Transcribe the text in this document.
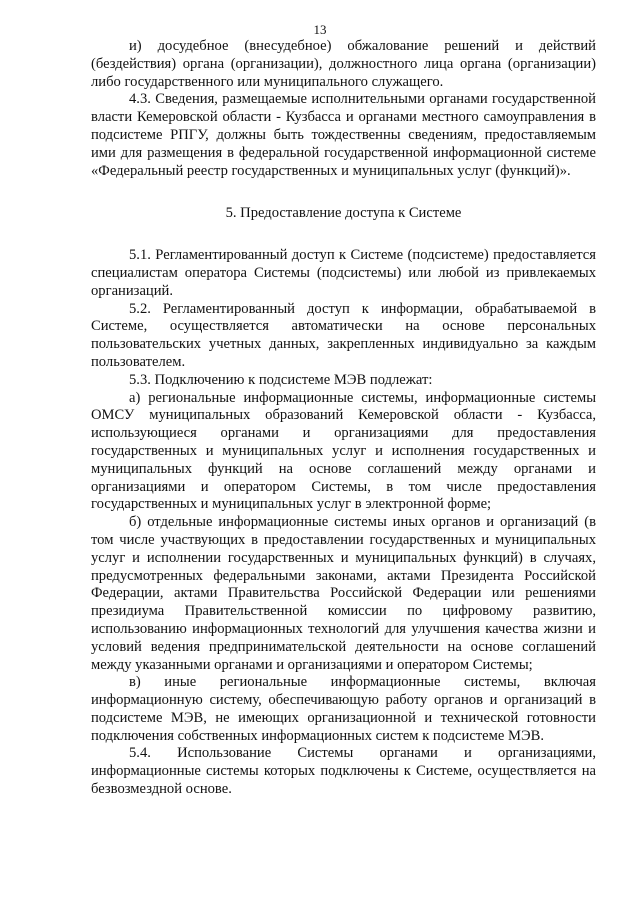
13

и) досудебное (внесудебное) обжалование решений и действий (бездействия) органа (организации), должностного лица органа (организации) либо государственного или муниципального служащего.

4.3. Сведения, размещаемые исполнительными органами государственной власти Кемеровской области - Кузбасса и органами местного самоуправления в подсистеме РПГУ, должны быть тождественны сведениям, предоставляемым ими для размещения в федеральной государственной информационной системе «Федеральный реестр государственных и муниципальных услуг (функций)».

5. Предоставление доступа к Системе

5.1. Регламентированный доступ к Системе (подсистеме) предоставляется специалистам оператора Системы (подсистемы) или любой из привлекаемых организаций.

5.2. Регламентированный доступ к информации, обрабатываемой в Системе, осуществляется автоматически на основе персональных пользовательских учетных данных, закрепленных индивидуально за каждым пользователем.

5.3. Подключению к подсистеме МЭВ подлежат:

а) региональные информационные системы, информационные системы ОМСУ муниципальных образований Кемеровской области - Кузбасса, использующиеся органами и организациями для предоставления государственных и муниципальных услуг и исполнения государственных и муниципальных функций на основе соглашений между органами и организациями и оператором Системы, в том числе предоставления государственных и муниципальных услуг в электронной форме;

б) отдельные информационные системы иных органов и организаций (в том числе участвующих в предоставлении государственных и муниципальных услуг и исполнении государственных и муниципальных функций) в случаях, предусмотренных федеральными законами, актами Президента Российской Федерации, актами Правительства Российской Федерации или решениями президиума Правительственной комиссии по цифровому развитию, использованию информационных технологий для улучшения качества жизни и условий ведения предпринимательской деятельности на основе соглашений между указанными органами и организациями и оператором Системы;

в) иные региональные информационные системы, включая информационную систему, обеспечивающую работу органов и организаций в подсистеме МЭВ, не имеющих организационной и технической готовности подключения собственных информационных систем к подсистеме МЭВ.

5.4. Использование Системы органами и организациями, информационные системы которых подключены к Системе, осуществляется на безвозмездной основе.
